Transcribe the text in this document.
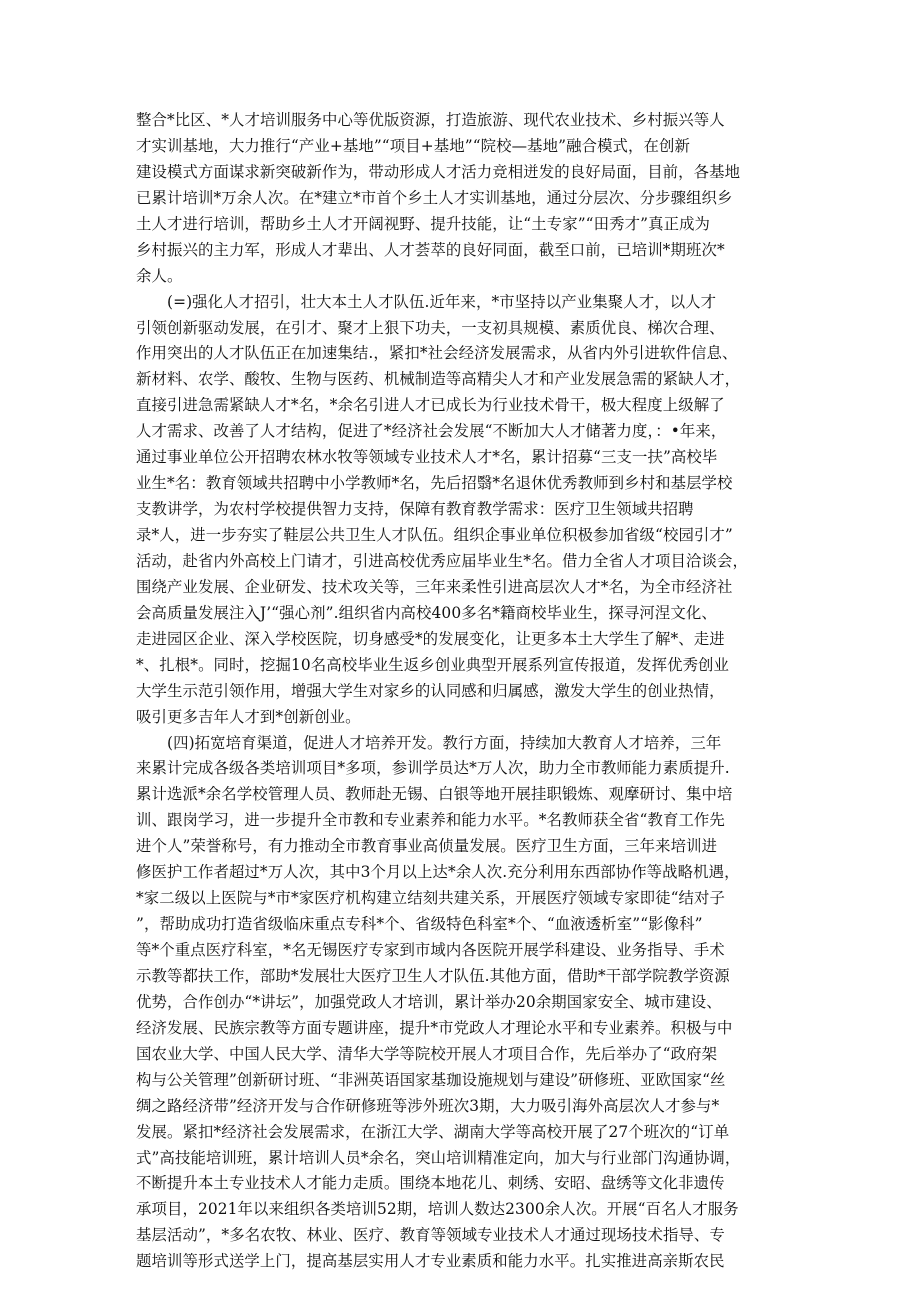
整合*比区、*人才培训服务中心等优版资源，打造旅游、现代农业技术、乡村振兴等人
才实训基地，大力推行“产业+基地”“项目+基地”“院校—基地”融合模式，在创新
建设模式方面谋求新突破新作为，带动形成人才活力竞相迸发的良好局面，目前，各基地
已累计培训*万余人次。在*建立*市首个乡土人才实训基地，通过分层次、分步骤组织乡
土人才进行培训，帮助乡土人才开阔视野、提升技能，让“土专家”“田秀才”真正成为
乡村振兴的主力军，形成人才辈出、人才荟萃的良好同面，截至口前，已培训*期班次*
余人。
　　(=)强化人才招引，壮大本土人才队伍.近年来，*市坚持以产业集聚人才，以人才
引领创新驱动发展，在引才、聚才上狠下功夫，一支初具规模、素质优良、梯次合理、
作用突出的人才队伍正在加速集结.，紧扣*社会经济发展需求，从省内外引进软件信息、
新材料、农学、酸牧、生物与医药、机械制造等高精尖人才和产业发展急需的紧缺人才，
直接引进急需紧缺人才*名，*余名引进人才已成长为行业技术骨干，极大程度上级解了
人才需求、改善了人才结构，促进了*经济社会发展“不断加大人才储著力度，：•年来，
通过事业单位公开招聘农林水牧等领域专业技术人才*名，累计招募“三支一扶”高校毕
业生*名：教育领域共招聘中小学教师*名，先后招翳*名退休优秀教师到乡村和基层学校
支教讲学，为农村学校提供智力支持，保障有教育教学需求：医疗卫生领域共招聘
录*人，进一步夯实了鞋层公共卫生人才队伍。组织企事业单位积极参加省级“校园引才”
活动，赴省内外高校上门请才，引进高校优秀应届毕业生*名。借力全省人才项目洽谈会，
围绕产业发展、企业研发、技术攻关等，三年来柔性引进高层次人才*名，为全市经济社
会高质量发展注入J’“强心剂”.组织省内高校400多名*籍商校毕业生，探寻河涅文化、
走进园区企业、深入学校医院，切身感受*的发展变化，让更多本土大学生了解*、走进
*、扎根*。同时，挖掘10名高校毕业生返乡创业典型开展系列宣传报道，发挥优秀创业
大学生示范引领作用，增强大学生对家乡的认同感和归属感，激发大学生的创业热情，
吸引更多吉年人才到*创新创业。
　　(四)拓宽培育渠道，促进人才培养开发。教行方面，持续加大教育人才培养，三年
来累计完成各级各类培训项目*多项，参训学员达*万人次，助力全市教师能力素质提升.
累计选派*余名学校管理人员、教师赴无锡、白银等地开展挂职锻炼、观摩研讨、集中培
训、跟岗学习，进一步提升全市教和专业素养和能力水平。*名教师获全省“教育工作先
进个人”荣誉称号，有力推动全市教育事业高侦量发展。医疗卫生方面，三年来培训进
修医护工作者超过*万人次，其中3个月以上达*余人次.充分利用东西部协作等战略机遇，
*家二级以上医院与*市*家医疗机构建立结刻共建关系，开展医疗领域专家即徒“结对子
”，帮助成功打造省级临床重点专科*个、省级特色科室*个、“血液透析室”“影像科”
等*个重点医疗科室，*名无锡医疗专家到市域内各医院开展学科建设、业务指导、手术
示教等都扶工作，部助*发展壮大医疗卫生人才队伍.其他方面，借助*干部学院教学资源
优势，合作创办“*讲坛”，加强党政人才培训，累计举办20余期国家安全、城市建设、
经济发展、民族宗教等方面专题讲座，提升*市党政人才理论水平和专业素养。积极与中
国农业大学、中国人民大学、清华大学等院校开展人才项目合作，先后举办了“政府架
构与公关管理”创新研讨班、“非洲英语国家基珈设施规划与建设”研修班、亚欧国家“丝
绸之路经济带”经济开发与合作研修班等涉外班次3期，大力吸引海外高层次人才参与*
发展。紧扣*经济社会发展需求，在浙江大学、湖南大学等高校开展了27个班次的“订单
式”高技能培训班，累计培训人员*余名，突山培训精准定向，加大与行业部门沟通协调，
不断提升本土专业技术人才能力走质。围绕本地花儿、刺绣、安昭、盘绣等文化非遗传
承项目，2021年以来组织各类培训52期，培训人数达2300余人次。开展“百名人才服务
基层活动”，*多名农牧、林业、医疗、教育等领域专业技术人才通过现场技术指导、专
题培训等形式送学上门，提高基层实用人才专业素质和能力水平。扎实推进高亲斯农民
